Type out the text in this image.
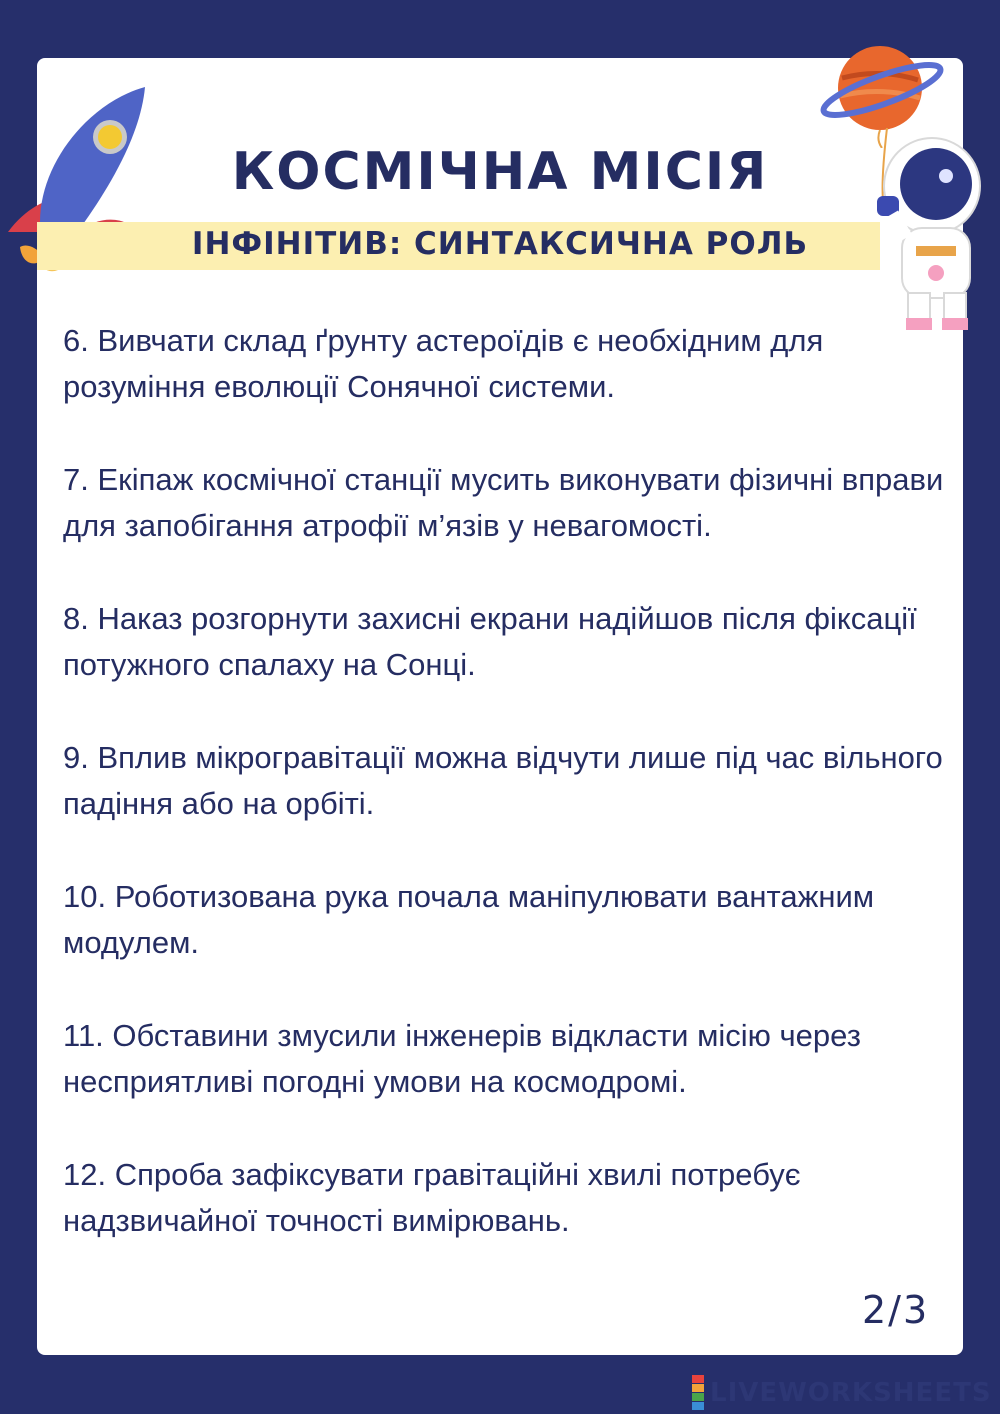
КОСМІЧНА МІСІЯ
ІНФІНІТИВ: СИНТАКСИЧНА РОЛЬ
6. Вивчати склад ґрунту астероїдів є необхідним для розуміння еволюції Сонячної системи.
7. Екіпаж космічної станції мусить виконувати фізичні вправи для запобігання атрофії м’язів у невагомості.
8. Наказ розгорнути захисні екрани надійшов після фіксації потужного спалаху на Сонці.
9. Вплив мікрогравітації можна відчути лише під час вільного падіння або на орбіті.
10. Роботизована рука почала маніпулювати вантажним модулем.
11. Обставини змусили інженерів відкласти місію через несприятливі погодні умови на космодромі.
12. Спроба зафіксувати гравітаційні хвилі потребує надзвичайної точності вимірювань.
2/3
LIVEWORKSHEETS
